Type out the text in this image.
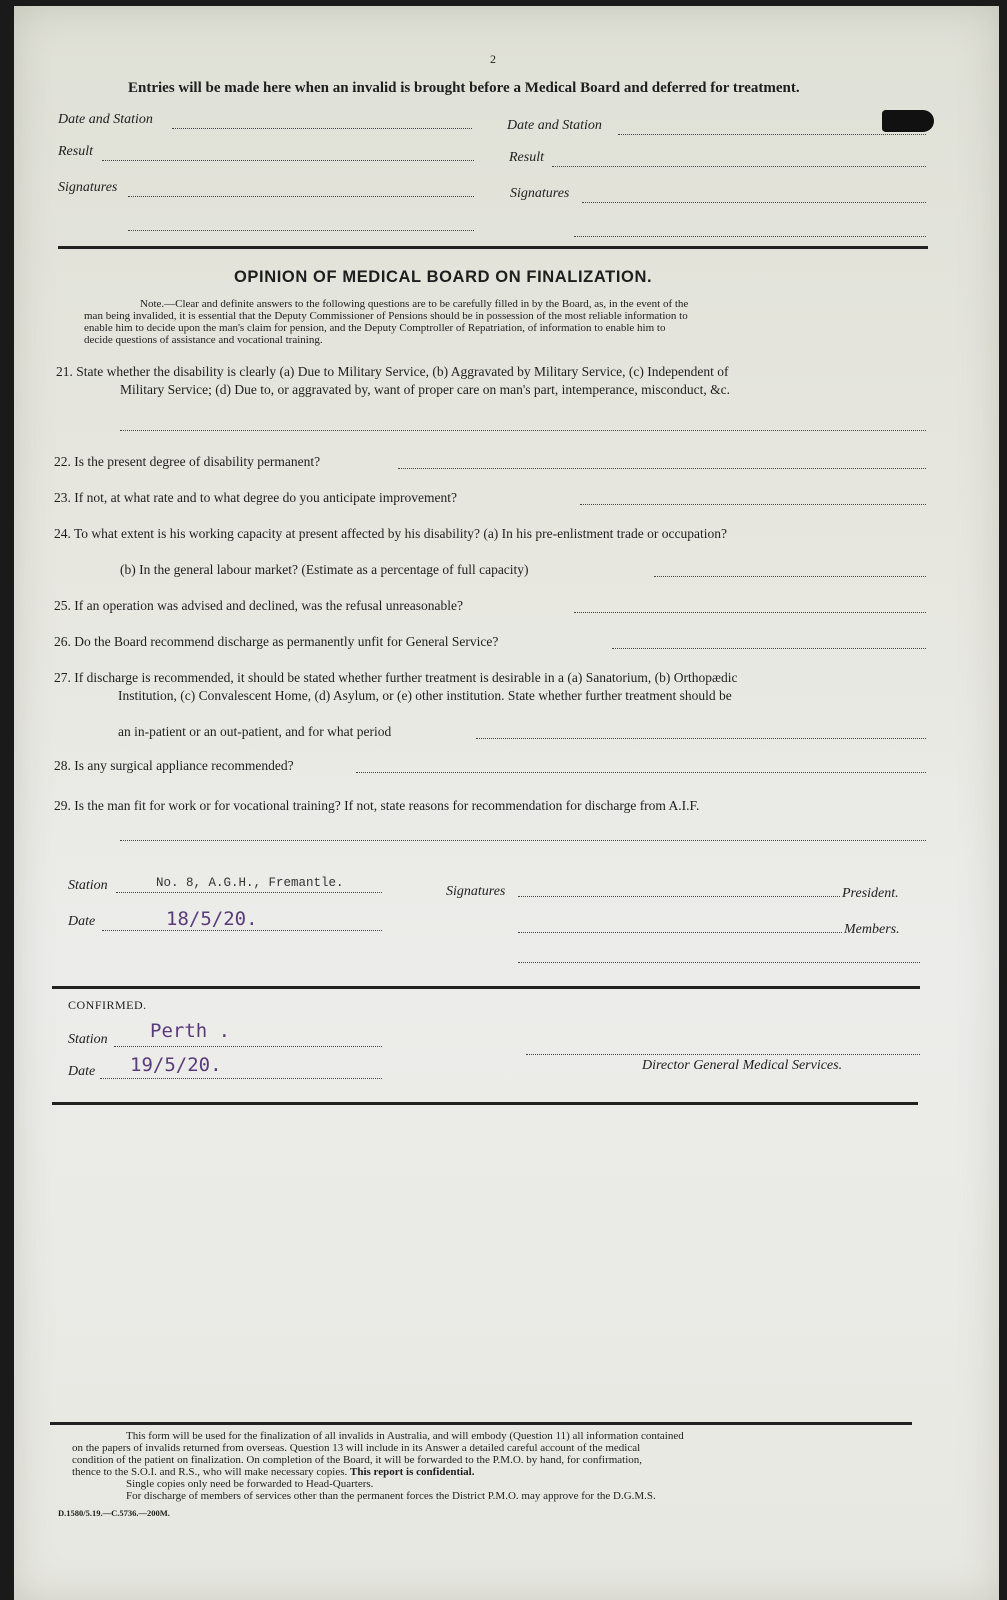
2
Entries will be made here when an invalid is brought before a Medical Board and deferred for treatment.
Date and Station	Date and Station
Result	Result
Signatures	Signatures
OPINION OF MEDICAL BOARD ON FINALIZATION.
Note.—Clear and definite answers to the following questions are to be carefully filled in by the Board, as, in the event of the
man being invalided, it is essential that the Deputy Commissioner of Pensions should be in possession of the most reliable information to
enable him to decide upon the man's claim for pension, and the Deputy Comptroller of Repatriation, of information to enable him to
decide questions of assistance and vocational training.
21. State whether the disability is clearly (a) Due to Military Service, (b) Aggravated by Military Service, (c) Independent of
Military Service; (d) Due to, or aggravated by, want of proper care on man's part, intemperance, misconduct, &c.
22. Is the present degree of disability permanent?
23. If not, at what rate and to what degree do you anticipate improvement?
24. To what extent is his working capacity at present affected by his disability? (a) In his pre-enlistment trade or occupation?
(b) In the general labour market? (Estimate as a percentage of full capacity)
25. If an operation was advised and declined, was the refusal unreasonable?
26. Do the Board recommend discharge as permanently unfit for General Service?
27. If discharge is recommended, it should be stated whether further treatment is desirable in a (a) Sanatorium, (b) Orthopædic
Institution, (c) Convalescent Home, (d) Asylum, or (e) other institution. State whether further treatment should be
an in-patient or an out-patient, and for what period
28. Is any surgical appliance recommended?
29. Is the man fit for work or for vocational training? If not, state reasons for recommendation for discharge from A.I.F.
Station	No. 8, A.G.H., Fremantle.
Signatures	President.
Date	18/5/20.	Members.
CONFIRMED.
Station Perth .
Date 19/5/20.	Director General Medical Services.
This form will be used for the finalization of all invalids in Australia, and will embody (Question 11) all information contained
on the papers of invalids returned from overseas. Question 13 will include in its Answer a detailed careful account of the medical
condition of the patient on finalization. On completion of the Board, it will be forwarded to the P.M.O. by hand, for confirmation,
thence to the S.O.I. and R.S., who will make necessary copies. This report is confidential.
Single copies only need be forwarded to Head-Quarters.
For discharge of members of services other than the permanent forces the District P.M.O. may approve for the D.G.M.S.
D.1580/5.19.—C.5736.—200M.
